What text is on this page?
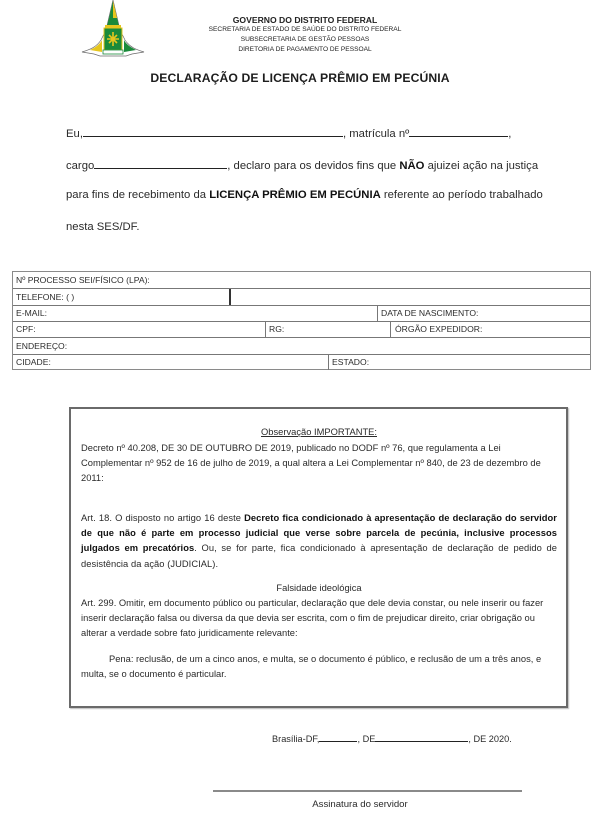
GOVERNO DO DISTRITO FEDERAL
SECRETARIA DE ESTADO DE SAÚDE DO DISTRITO FEDERAL
SUBSECRETARIA DE GESTÃO PESSOAS
DIRETORIA DE PAGAMENTO DE PESSOAL
DECLARAÇÃO DE LICENÇA PRÊMIO EM PECÚNIA
Eu,	, matrícula nº	,
cargo	, declaro para os devidos fins que NÃO ajuizei ação na justiça
para fins de recebimento da LICENÇA PRÊMIO EM PECÚNIA referente ao período trabalhado
nesta SES/DF.
Nº PROCESSO SEI/FÍSICO (LPA):
TELEFONE: ( )
E-MAIL:	DATA DE NASCIMENTO:
CPF:	RG:	ÓRGÃO EXPEDIDOR:
ENDEREÇO:
CIDADE:	ESTADO:
Observação IMPORTANTE:
Decreto nº 40.208, DE 30 DE OUTUBRO DE 2019, publicado no DODF nº 76, que regulamenta a Lei Complementar nº 952 de 16 de julho de 2019, a qual altera a Lei Complementar nº 840, de 23 de dezembro de 2011:
Art. 18. O disposto no artigo 16 deste Decreto fica condicionado à apresentação de declaração do servidor de que não é parte em processo judicial que verse sobre parcela de pecúnia, inclusive processos julgados em precatórios. Ou, se for parte, fica condicionado à apresentação de declaração de pedido de desistência da ação (JUDICIAL).
Falsidade ideológica
Art. 299. Omitir, em documento público ou particular, declaração que dele devia constar, ou nele inserir ou fazer inserir declaração falsa ou diversa da que devia ser escrita, com o fim de prejudicar direito, criar obrigação ou alterar a verdade sobre fato juridicamente relevante:
Pena: reclusão, de um a cinco anos, e multa, se o documento é público, e reclusão de um a três anos, e multa, se o documento é particular.
Brasília-DF,	, DE	, DE 2020.
Assinatura do servidor
